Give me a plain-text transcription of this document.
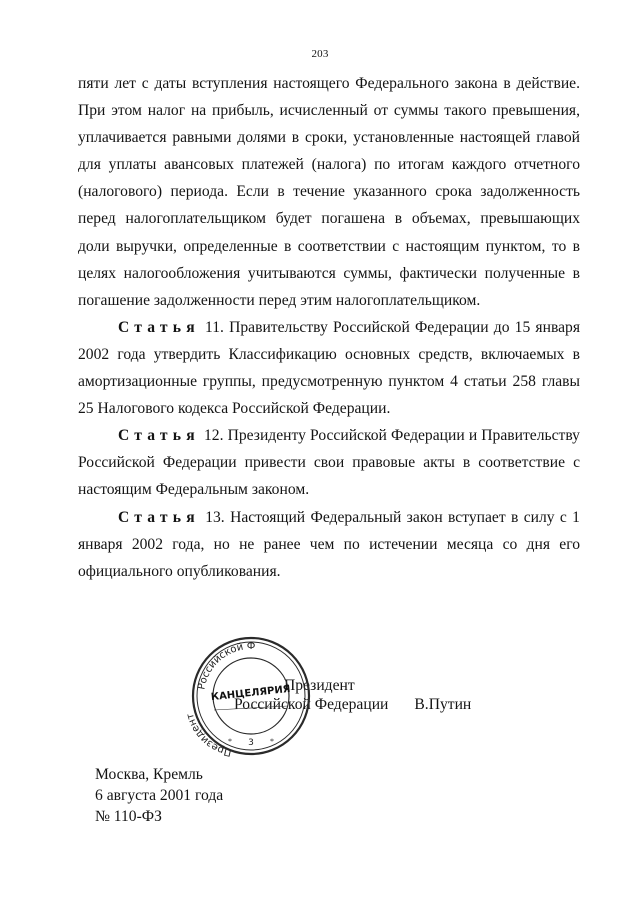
203

пяти лет с даты вступления настоящего Федерального закона в действие. При этом налог на прибыль, исчисленный от суммы такого превышения, уплачивается равными долями в сроки, установленные настоящей главой для уплаты авансовых платежей (налога) по итогам каждого отчетного (налогового) периода. Если в течение указанного срока задолженность перед налогоплательщиком будет погашена в объемах, превышающих доли выручки, определенные в соответствии с настоящим пунктом, то в целях налогообложения учитываются суммы, фактически полученные в погашение задолженности перед этим налогоплательщиком.

Статья 11. Правительству Российской Федерации до 15 января 2002 года утвердить Классификацию основных средств, включаемых в амортизационные группы, предусмотренную пунктом 4 статьи 258 главы 25 Налогового кодекса Российской Федерации.

Статья 12. Президенту Российской Федерации и Правительству Российской Федерации привести свои правовые акты в соответствие с настоящим Федеральным законом.

Статья 13. Настоящий Федеральный закон вступает в силу с 1 января 2002 года, но не ранее чем по истечении месяца со дня его официального опубликования.

Президент
Российской Федерации В.Путин
Российской Ф
Президент
КАНЦЕЛЯРИЯ
3
*	*
Москва, Кремль
6 августа 2001 года
№ 110-ФЗ
